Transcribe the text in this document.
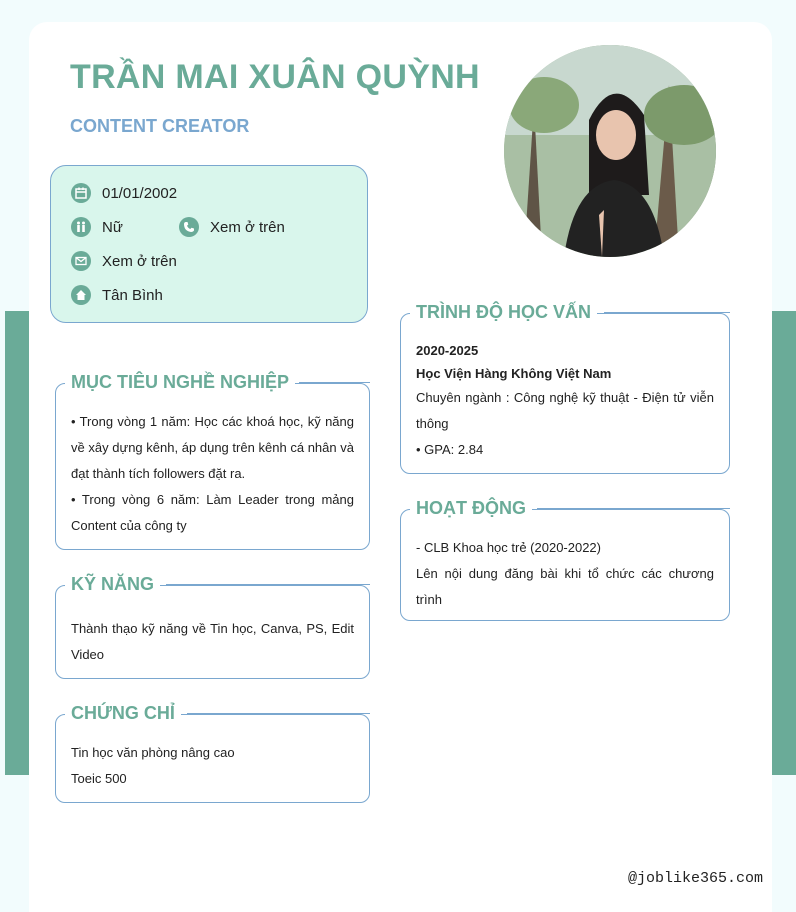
TRẦN MAI XUÂN QUỲNH
CONTENT CREATOR
01/01/2002
Nữ	Xem ở trên
Xem ở trên
Tân Bình
MỤC TIÊU NGHỀ NGHIỆP

• Trong vòng 1 năm: Học các khoá học, kỹ năng về xây dựng kênh, áp dụng trên kênh cá nhân và đạt thành tích followers đặt ra.

• Trong vòng 6 năm: Làm Leader trong mảng Content của công ty

KỸ NĂNG

Thành thạo kỹ năng về Tin học, Canva, PS, Edit Video

CHỨNG CHỈ

Tin học văn phòng nâng cao

Toeic 500

TRÌNH ĐỘ HỌC VẤN

2020-2025

Học Viện Hàng Không Việt Nam

Chuyên ngành : Công nghệ kỹ thuật - Điện tử viễn thông

• GPA: 2.84

HOẠT ĐỘNG

- CLB Khoa học trẻ (2020-2022)

Lên nội dung đăng bài khi tổ chức các chương trình

@joblike365.com
